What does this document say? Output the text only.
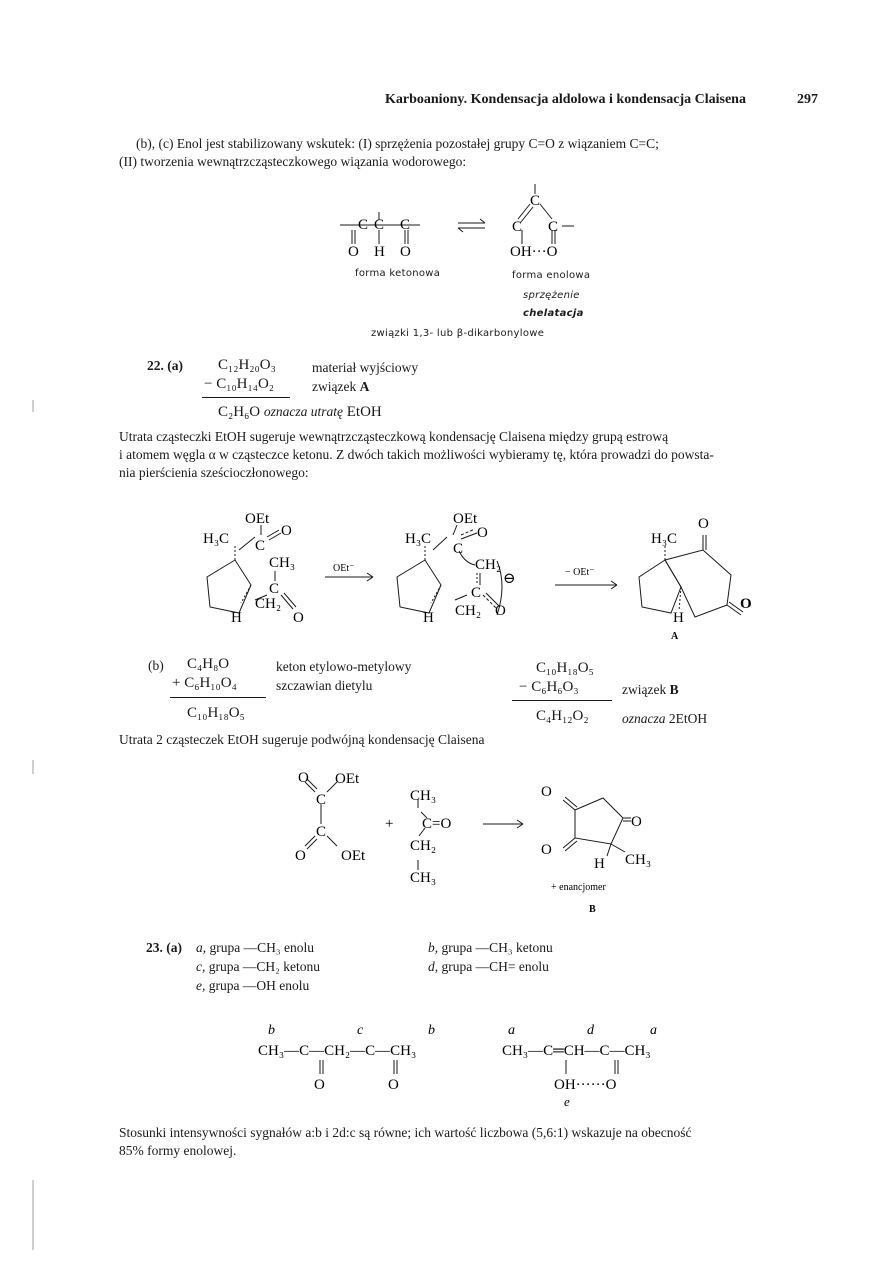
Karboaniony. Kondensacja aldolowa i kondensacja Claisena	297
(b), (c) Enol jest stabilizowany wskutek: (I) sprzężenia pozostałej grupy C=O z wiązaniem C=C;
(II) tworzenia wewnątrzcząsteczkowego wiązania wodorowego:
C C C
O H O
C
C C
OH···O
forma ketonowa	forma enolowa
sprzężenie
chelatacja
związki 1,3- lub β-dikarbonylowe
22. (a) C₁₂H₂₀O₃	materiał wyjściowy
− C₁₀H₁₄O₂	związek A
C₂H₆O oznacza utratę EtOH
Utrata cząsteczki EtOH sugeruje wewnątrzcząsteczkową kondensację Claisena między grupą estrową
i atomem węgla α w cząsteczce ketonu. Z dwóch takich możliwości wybieramy tę, która prowadzi do powsta-
nia pierścienia sześcioczłonowego:
OEt
H₃C C
O
CH₃
C
CH₂
O
H
OEt⁻
OEt
H₃C
C
O
CH₂
C
CH₂ O
H
⊖	− OEt⁻
H₃C
O
O
H
A
(b) C₄H₈O	keton etylowo-metylowy
+ C₆H₁₀O₄	szczawian dietylu
C₁₀H₁₈O₅
C₁₀H₁₈O₅
− C₆H₆O₃	związek B
C₄H₁₂O₂ oznacza 2EtOH
Utrata 2 cząsteczek EtOH sugeruje podwójną kondensację Claisena
O OEt
C
C
O OEt
+
CH₃
C=O
CH₂
CH₃
O
O
O
H CH₃
+ enancjomer
B
23. (a) a, grupa —CH₃ enolu
c, grupa —CH₂ ketonu
e, grupa —OH enolu
b, grupa —CH₃ ketonu
d, grupa —CH= enolu
b	c	b
CH₃—C—CH₂—C—CH₃
O	O
a	d	a
CH₃—C═CH—C—CH₃
OH······O
e
Stosunki intensywności sygnałów a:b i 2d:c są równe; ich wartość liczbowa (5,6:1) wskazuje na obecność
85% formy enolowej.
